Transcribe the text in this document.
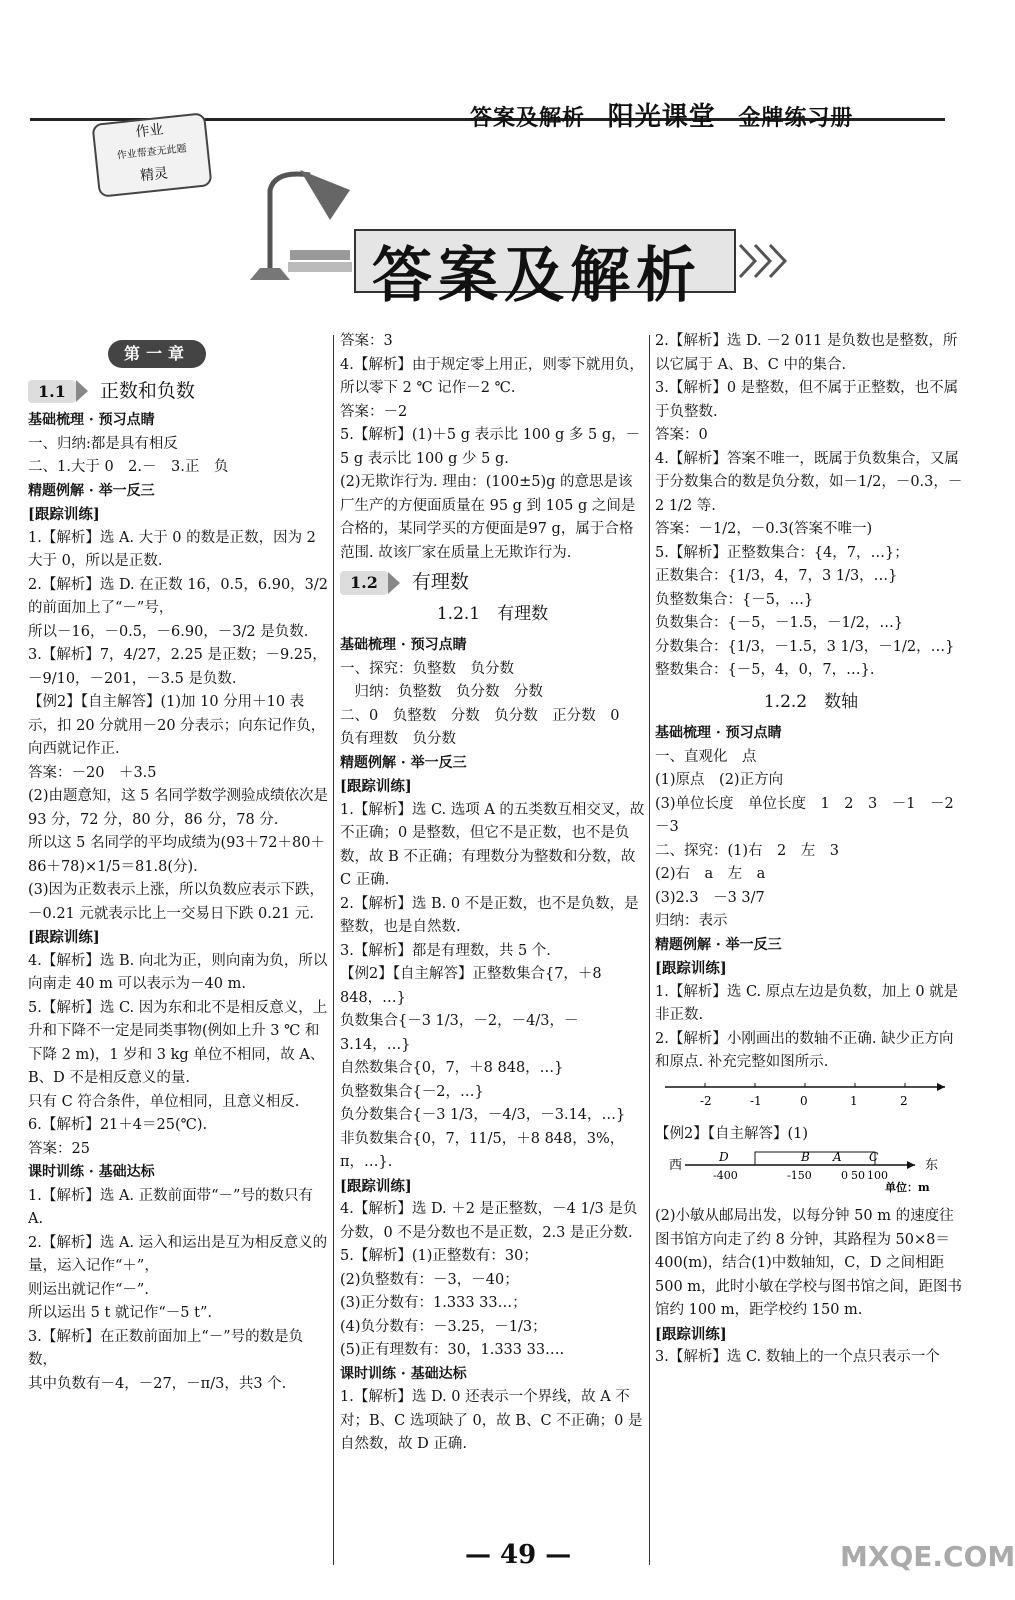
答案及解析 阳光课堂 金牌练习册
作业
作业帮查无此题
精灵
答案及解析
第一章
1.1	正数和负数

基础梳理 · 预习点睛

一、归纳:都是具有相反

二、1.大于 0　2.－　3.正　负

精题例解 · 举一反三

[跟踪训练]

1.【解析】选 A. 大于 0 的数是正数，因为 2 大于 0，所以是正数.

2.【解析】选 D. 在正数 16，0.5，6.90，3/2 的前面加上了“－”号，

所以－16，－0.5，－6.90，－3/2 是负数.

3.【解析】7，4/27，2.25 是正数；－9.25，－9/10，－201，－3.5 是负数.

【例2】【自主解答】(1)加 10 分用＋10 表示，扣 20 分就用－20 分表示；向东记作负，向西就记作正.

答案：－20　＋3.5

(2)由题意知，这 5 名同学数学测验成绩依次是 93 分，72 分，80 分，86 分，78 分.

所以这 5 名同学的平均成绩为(93＋72＋80＋86＋78)×1/5＝81.8(分).

(3)因为正数表示上涨，所以负数应表示下跌，－0.21 元就表示比上一交易日下跌 0.21 元.

[跟踪训练]

4.【解析】选 B. 向北为正，则向南为负，所以向南走 40 m 可以表示为－40 m.

5.【解析】选 C. 因为东和北不是相反意义，上升和下降不一定是同类事物(例如上升 3 ℃ 和下降 2 m)，1 岁和 3 kg 单位不相同，故 A、B、D 不是相反意义的量.

只有 C 符合条件，单位相同，且意义相反.

6.【解析】21＋4＝25(℃).

答案：25

课时训练 · 基础达标

1.【解析】选 A. 正数前面带“－”号的数只有 A.

2.【解析】选 A. 运入和运出是互为相反意义的量，运入记作“＋”，

则运出就记作“－”.

所以运出 5 t 就记作“－5 t”.

3.【解析】在正数前面加上“－”号的数是负数，

其中负数有－4，－27，－π/3，共3 个.

答案：3

4.【解析】由于规定零上用正，则零下就用负，所以零下 2 ℃ 记作－2 ℃.

答案：－2

5.【解析】(1)＋5 g 表示比 100 g 多 5 g，－5 g 表示比 100 g 少 5 g.

(2)无欺诈行为. 理由：(100±5)g 的意思是该厂生产的方便面质量在 95 g 到 105 g 之间是合格的，某同学买的方便面是97 g，属于合格范围. 故该厂家在质量上无欺诈行为.

1.2	有理数
1.2.1　有理数

基础梳理 · 预习点睛

一、探究：负整数　负分数

　归纳：负整数　负分数　分数

二、0　负整数　分数　负分数　正分数　0　负有理数　负分数

精题例解 · 举一反三

[跟踪训练]

1.【解析】选 C. 选项 A 的五类数互相交叉，故不正确；0 是整数，但它不是正数，也不是负数，故 B 不正确；有理数分为整数和分数，故 C 正确.

2.【解析】选 B. 0 不是正数，也不是负数，是整数，也是自然数.

3.【解析】都是有理数，共 5 个.

【例2】【自主解答】正整数集合{7，＋8 848，…}

负数集合{－3 1/3，－2，－4/3，－3.14，…}

自然数集合{0，7，＋8 848，…}

负整数集合{－2，…}

负分数集合{－3 1/3，－4/3，－3.14，…}

非负数集合{0，7，11/5，＋8 848，3%，π，…}.

[跟踪训练]

4.【解析】选 D. ＋2 是正整数，－4 1/3 是负分数，0 不是分数也不是正数，2.3 是正分数.

5.【解析】(1)正整数有：30；

(2)负整数有：－3，－40；

(3)正分数有：1.333 33…；

(4)负分数有：－3.25，－1/3；

(5)正有理数有：30，1.333 33….

课时训练 · 基础达标

1.【解析】选 D. 0 还表示一个界线，故 A 不对；B、C 选项缺了 0，故 B、C 不正确；0 是自然数，故 D 正确.

2.【解析】选 D. －2 011 是负数也是整数，所以它属于 A、B、C 中的集合.

3.【解析】0 是整数，但不属于正整数，也不属于负整数.

答案：0

4.【解析】答案不唯一，既属于负数集合，又属于分数集合的数是负分数，如－1/2，－0.3，－2 1/2 等.

答案：－1/2，－0.3(答案不唯一)

5.【解析】正整数集合：{4，7，…}；

正数集合：{1/3，4，7，3 1/3，…}

负整数集合：{－5，…}

负数集合：{－5，－1.5，－1/2，…}

分数集合：{1/3，－1.5，3 1/3，－1/2，…}

整数集合：{－5，4，0，7，…}.

1.2.2　数轴

基础梳理 · 预习点睛

一、直观化　点

(1)原点　(2)正方向

(3)单位长度　单位长度　1　2　3　－1　－2　－3

二、探究：(1)右　2　左　3

(2)右　a　左　a

(3)2.3　－3 3/7

归纳：表示

精题例解 · 举一反三

[跟踪训练]

1.【解析】选 C. 原点左边是负数，加上 0 就是非正数.

2.【解析】小刚画出的数轴不正确. 缺少正方向和原点. 补充完整如图所示.

-2	-1	0	1	2

【例2】【自主解答】(1)

西	东
D	B A C
-400	-150	0 50 100
单位：m

(2)小敏从邮局出发，以每分钟 50 m 的速度往图书馆方向走了约 8 分钟，其路程为 50×8＝400(m)，结合(1)中数轴知，C，D 之间相距 500 m，此时小敏在学校与图书馆之间，距图书馆约 100 m，距学校约 150 m.

[跟踪训练]

3.【解析】选 C. 数轴上的一个点只表示一个

— 49 —	MXQE.COM
